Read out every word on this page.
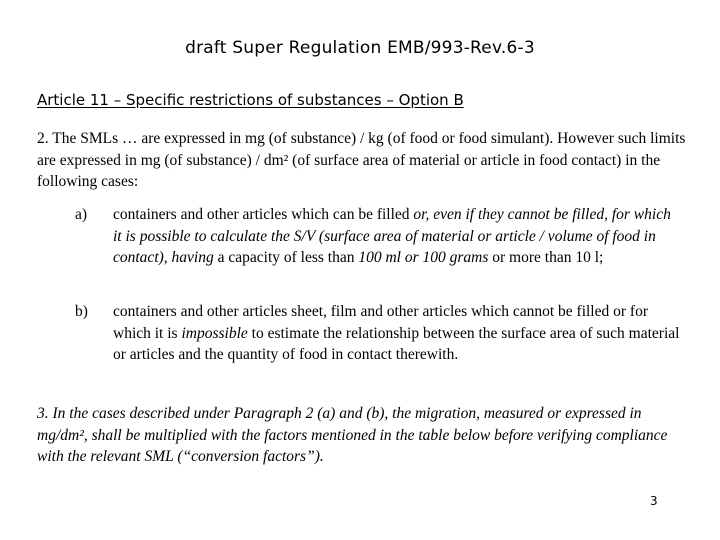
draft Super Regulation EMB/993-Rev.6-3
Article 11 – Specific restrictions of substances – Option B
2. The SMLs … are expressed in mg (of substance) / kg (of food or food simulant). However such limits are expressed in mg (of substance) / dm² (of surface area of material or article in food contact) in the following cases:
a) containers and other articles which can be filled or, even if they cannot be filled, for which it is possible to calculate the S/V (surface area of material or article / volume of food in contact), having a capacity of less than 100 ml or 100 grams or more than 10 l;
b) containers and other articles sheet, film and other articles which cannot be filled or for which it is impossible to estimate the relationship between the surface area of such material or articles and the quantity of food in contact therewith.
3. In the cases described under Paragraph 2 (a) and (b), the migration, measured or expressed in mg/dm², shall be multiplied with the factors mentioned in the table below before verifying compliance with the relevant SML (“conversion factors”).
3
